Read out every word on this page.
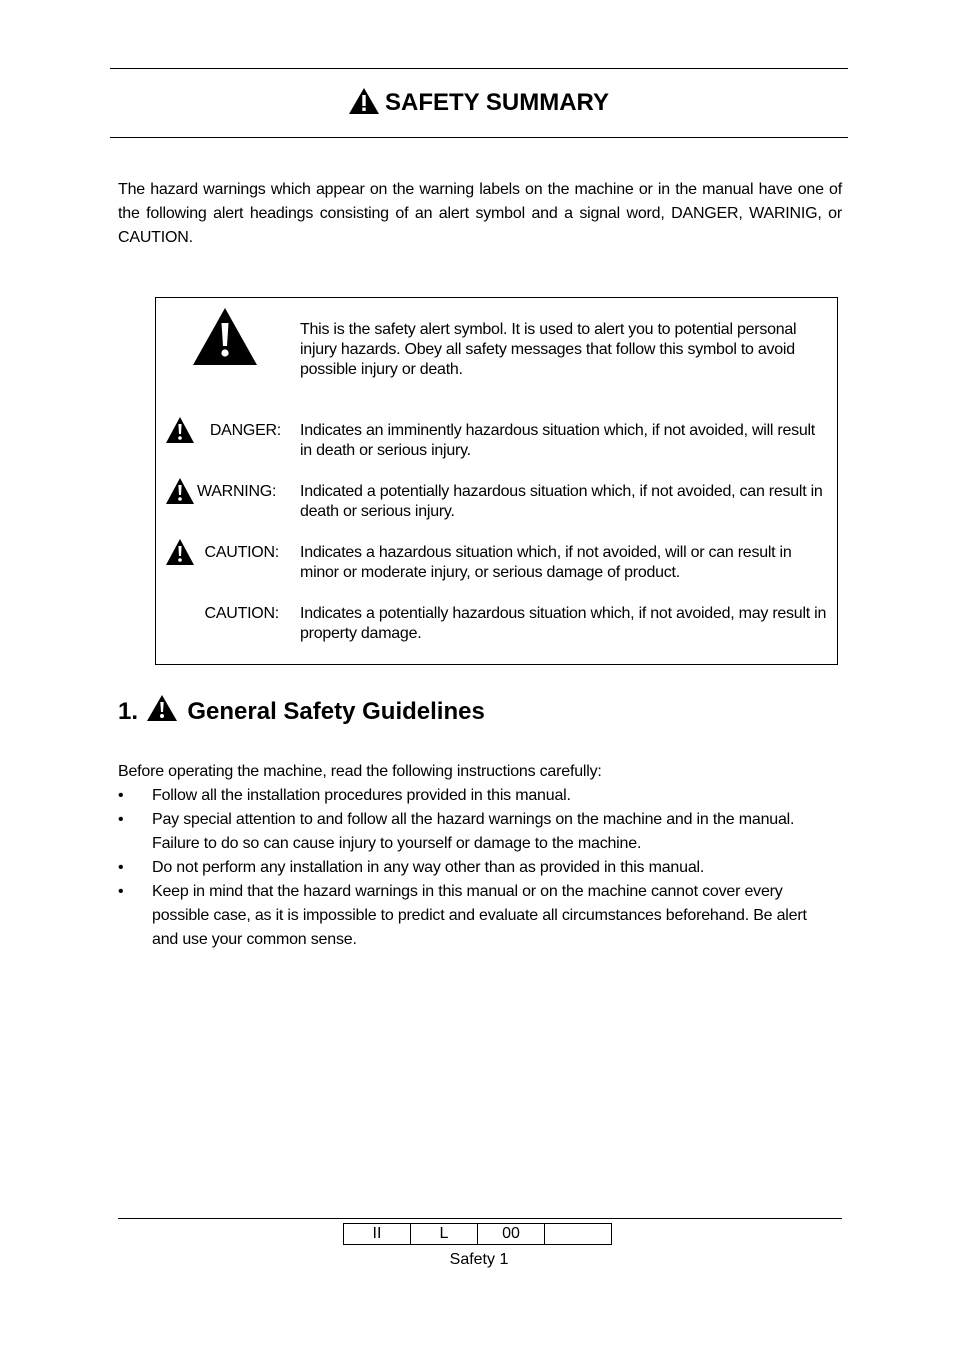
SAFETY SUMMARY
The hazard warnings which appear on the warning labels on the machine or in the manual have one of the following alert headings consisting of an alert symbol and a signal word, DANGER, WARINIG, or CAUTION.
This is the safety alert symbol. It is used to alert you to potential personal injury hazards. Obey all safety messages that follow this symbol to avoid possible injury or death.
DANGER: Indicates an imminently hazardous situation which, if not avoided, will result in death or serious injury.
WARNING:	Indicated a potentially hazardous situation which, if not avoided, can result in death or serious injury.
CAUTION: Indicates a hazardous situation which, if not avoided, will or can result in minor or moderate injury, or serious damage of product.
CAUTION: Indicates a potentially hazardous situation which, if not avoided, may result in property damage.
1. General Safety Guidelines
Before operating the machine, read the following instructions carefully:
• Follow all the installation procedures provided in this manual.
• Pay special attention to and follow all the hazard warnings on the machine and in the manual. Failure to do so can cause injury to yourself or damage to the machine.
• Do not perform any installation in any way other than as provided in this manual.
• Keep in mind that the hazard warnings in this manual or on the machine cannot cover every possible case, as it is impossible to predict and evaluate all circumstances beforehand. Be alert and use your common sense.
II	L	00	
Safety 1
